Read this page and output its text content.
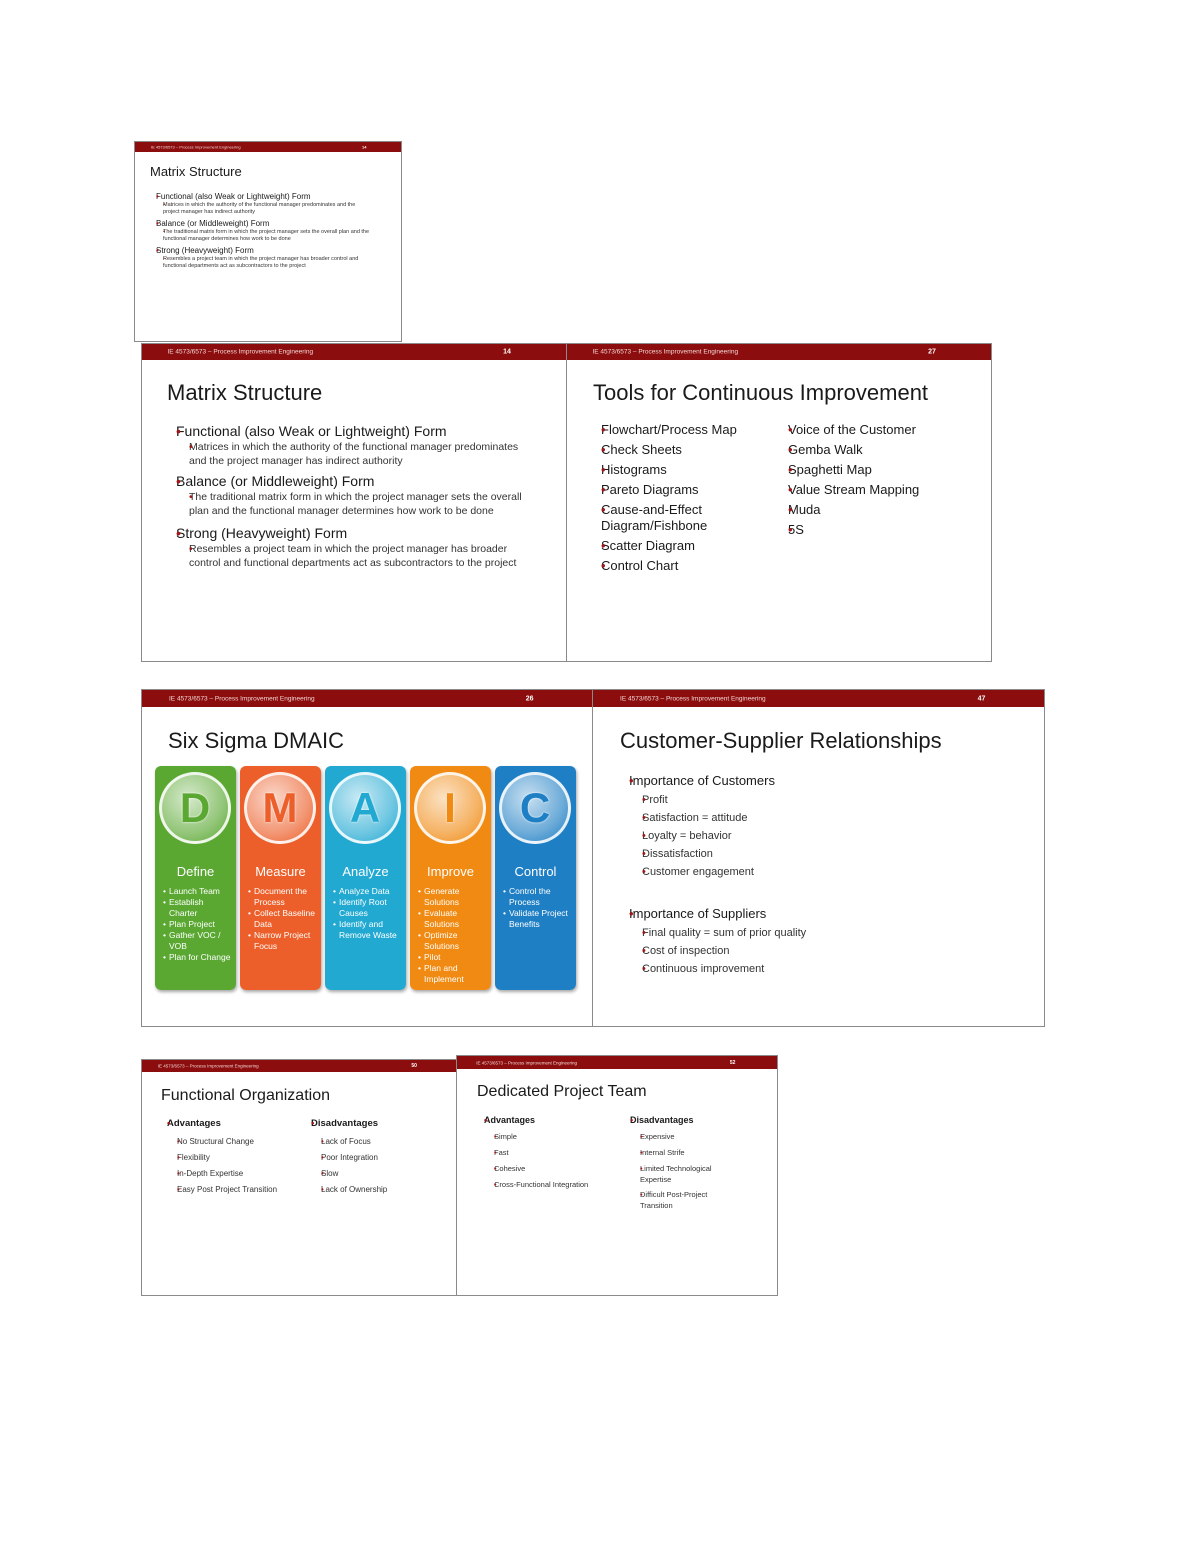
IE 4573/6573 – Process Improvement Engineering	14
Matrix Structure
• Functional (also Weak or Lightweight) Form
• Matrices in which the authority of the functional manager predominates and the project manager has indirect authority
• Balance (or Middleweight) Form
• The traditional matrix form in which the project manager sets the overall plan and the functional manager determines how work to be done
• Strong (Heavyweight) Form
• Resembles a project team in which the project manager has broader control and functional departments act as subcontractors to the project
IE 4573/6573 – Process Improvement Engineering	14
Matrix Structure
• Functional (also Weak or Lightweight) Form
• Matrices in which the authority of the functional manager predominates and the project manager has indirect authority
• Balance (or Middleweight) Form
• The traditional matrix form in which the project manager sets the overall plan and the functional manager determines how work to be done
• Strong (Heavyweight) Form
• Resembles a project team in which the project manager has broader control and functional departments act as subcontractors to the project
IE 4573/6573 – Process Improvement Engineering	27
Tools for Continuous Improvement
• Flowchart/Process Map
• Check Sheets
• Histograms
• Pareto Diagrams
• Cause-and-Effect Diagram/Fishbone
• Scatter Diagram
• Control Chart
• Voice of the Customer
• Gemba Walk
• Spaghetti Map
• Value Stream Mapping
• Muda
• 5S
IE 4573/6573 – Process Improvement Engineering	26
Six Sigma DMAIC
D
Define
• Launch Team
• Establish Charter
• Plan Project
• Gather VOC / VOB
• Plan for Change
M
Measure
• Document the Process
• Collect Baseline Data
• Narrow Project Focus
A
Analyze
• Analyze Data
• Identify Root Causes
• Identify and Remove Waste
I
Improve
• Generate Solutions
• Evaluate Solutions
• Optimize Solutions
• Pilot
• Plan and Implement
C
Control
• Control the Process
• Validate Project Benefits
IE 4573/6573 – Process Improvement Engineering	47
Customer-Supplier Relationships
• Importance of Customers
• Profit
• Satisfaction = attitude
• Loyalty = behavior
• Dissatisfaction
• Customer engagement
• Importance of Suppliers
• Final quality = sum of prior quality
• Cost of inspection
• Continuous improvement
IE 4573/6573 – Process Improvement Engineering	50
Functional Organization
• Advantages
• No Structural Change
• Flexibility
• In-Depth Expertise
• Easy Post Project Transition
• Disadvantages
• Lack of Focus
• Poor Integration
• Slow
• Lack of Ownership
IE 4573/6573 – Process Improvement Engineering	52
Dedicated Project Team
• Advantages
• Simple
• Fast
• Cohesive
• Cross-Functional Integration
• Disadvantages
• Expensive
• Internal Strife
• Limited Technological Expertise
• Difficult Post-Project Transition
